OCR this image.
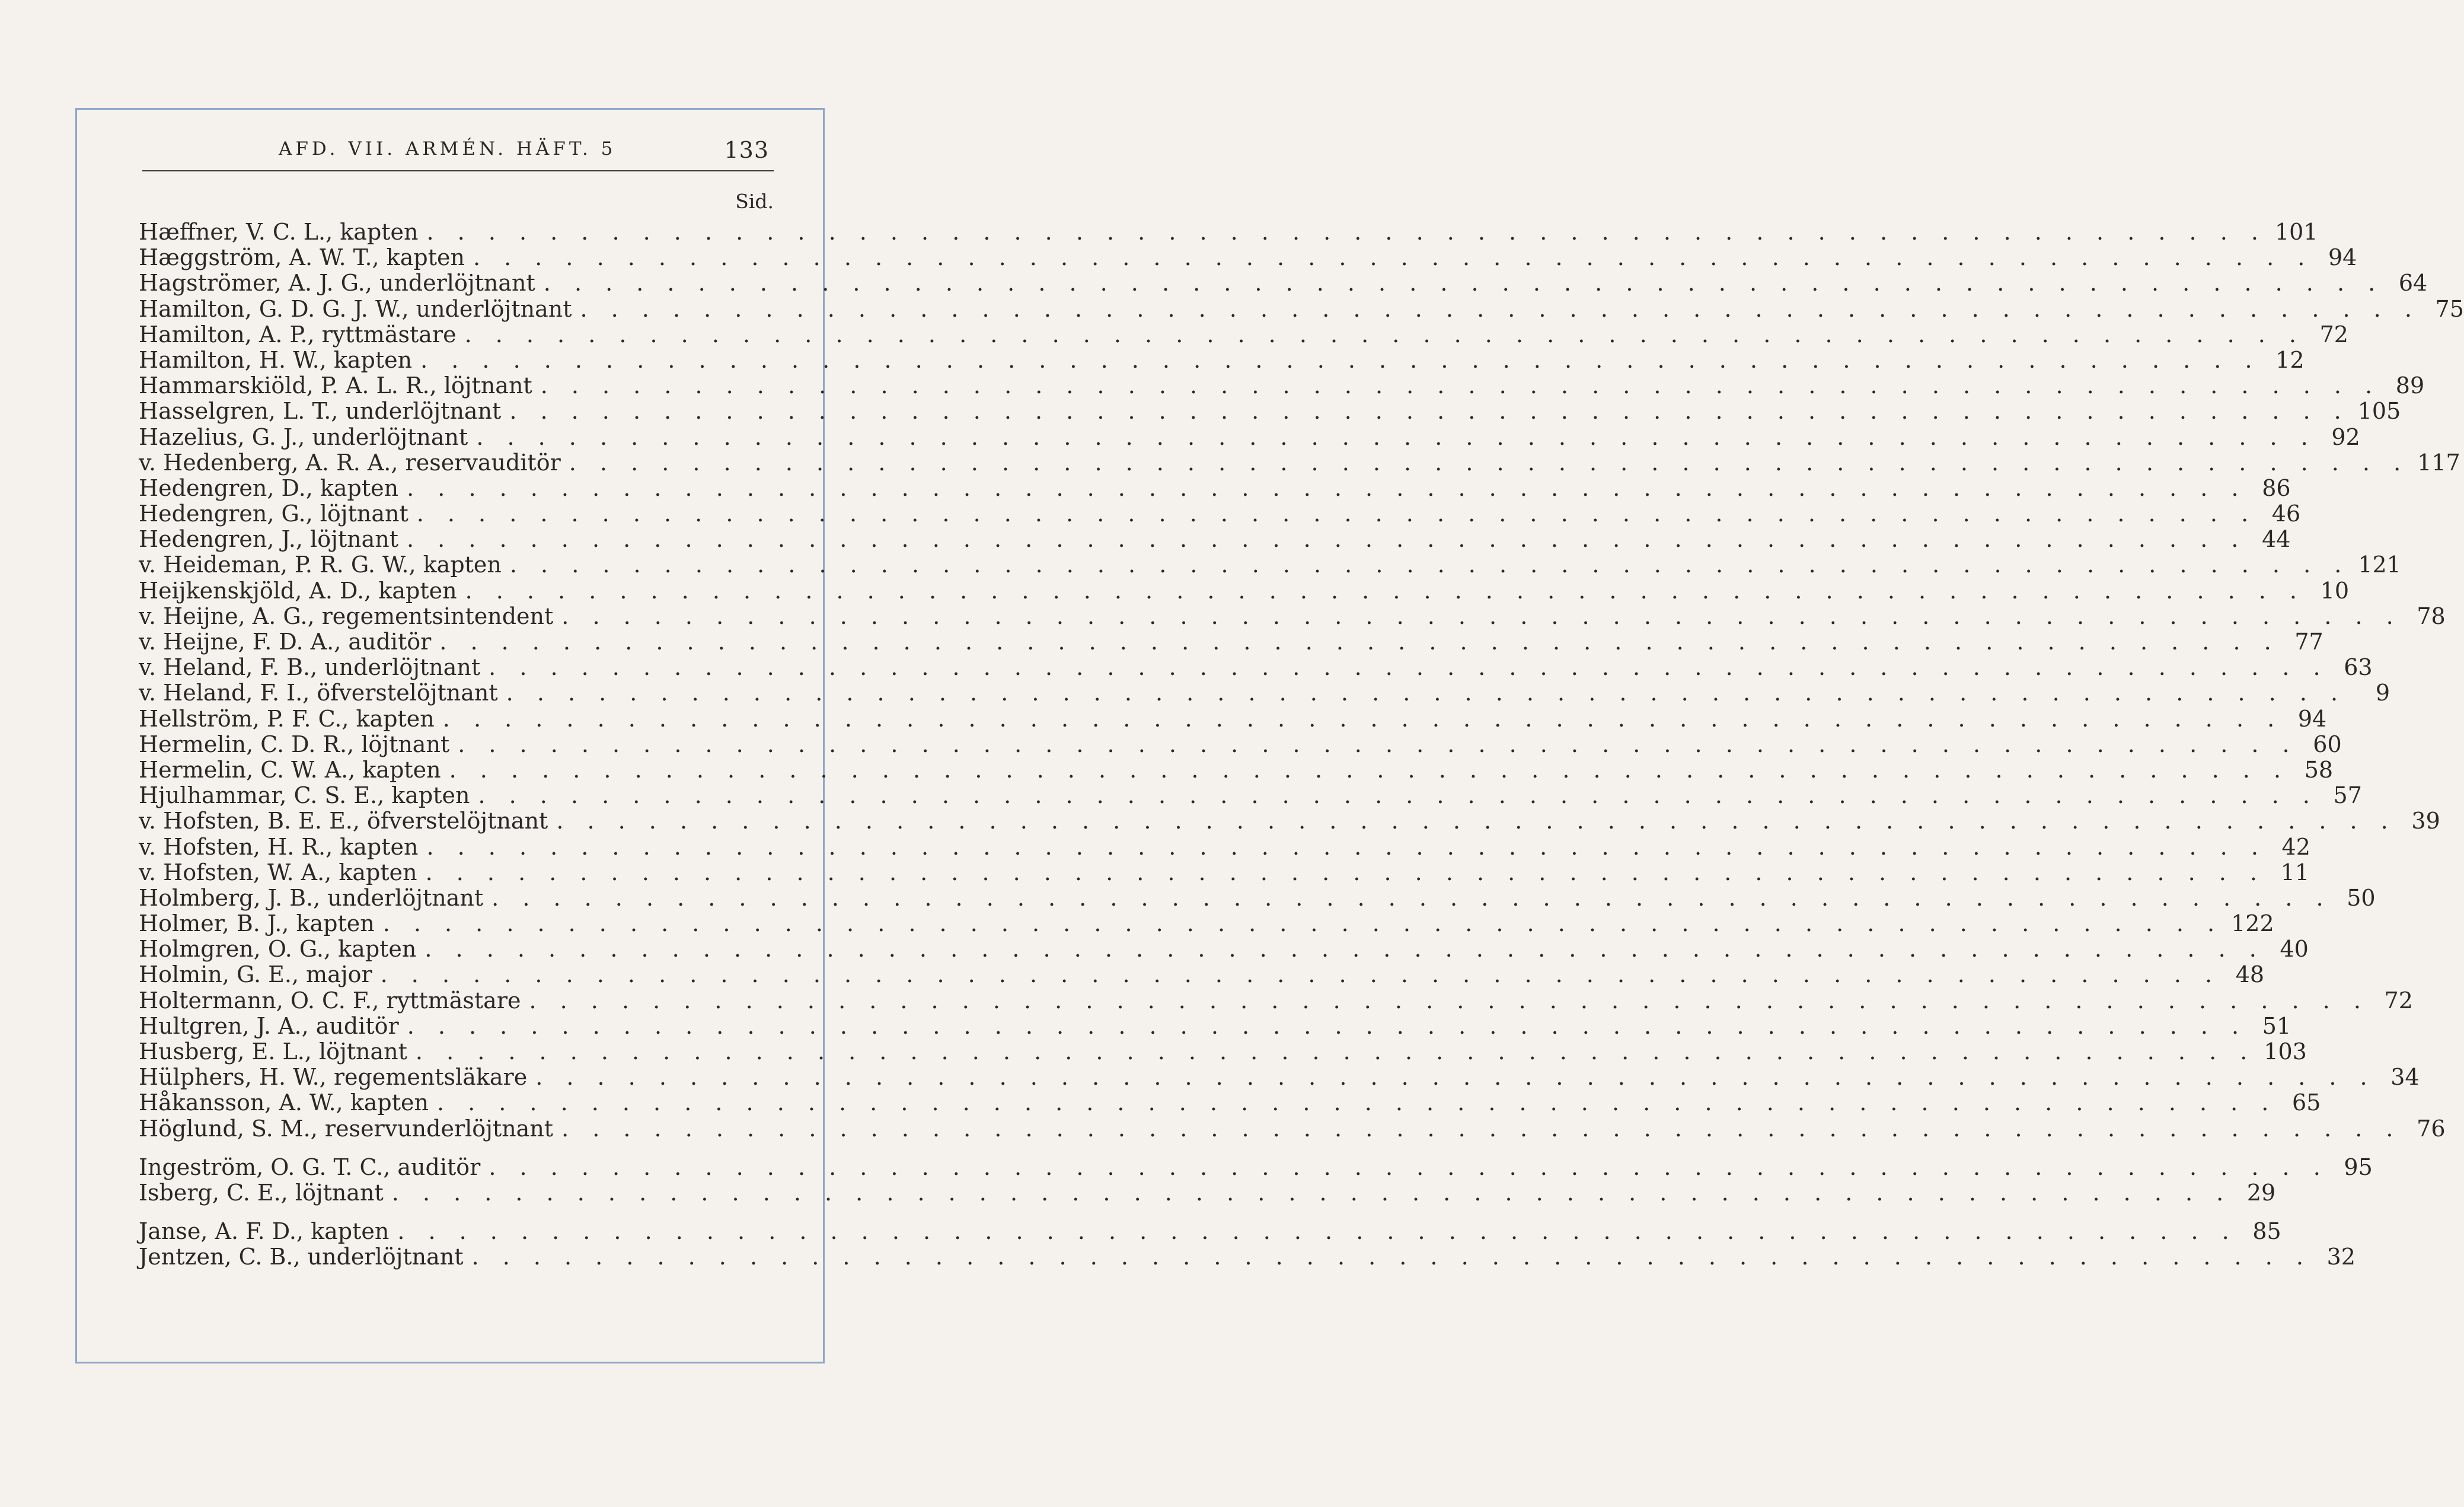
AFD. VII. ARMÉN. HÄFT. 5	133
Sid.
Hæffner, V. C. L., kapten . . . . . . . . . . . . . . . . . . . . . . . . . . . . . . . . . . . . . . . . . . . . . . . . . . . . . . . . . . . . 101
Hæggström, A. W. T., kapten . . . . . . . . . . . . . . . . . . . . . . . . . . . . . . . . . . . . . . . . . . . . . . . . . . . . . . . . . . . . 94
Hagströmer, A. J. G., underlöjtnant . . . . . . . . . . . . . . . . . . . . . . . . . . . . . . . . . . . . . . . . . . . . . . . . . . . . . . . . . . . . 64
Hamilton, G. D. G. J. W., underlöjtnant . . . . . . . . . . . . . . . . . . . . . . . . . . . . . . . . . . . . . . . . . . . . . . . . . . . . . . . . . . . . 75
Hamilton, A. P., ryttmästare . . . . . . . . . . . . . . . . . . . . . . . . . . . . . . . . . . . . . . . . . . . . . . . . . . . . . . . . . . . . 72
Hamilton, H. W., kapten . . . . . . . . . . . . . . . . . . . . . . . . . . . . . . . . . . . . . . . . . . . . . . . . . . . . . . . . . . . . 12
Hammarskiöld, P. A. L. R., löjtnant . . . . . . . . . . . . . . . . . . . . . . . . . . . . . . . . . . . . . . . . . . . . . . . . . . . . . . . . . . . . 89
Hasselgren, L. T., underlöjtnant . . . . . . . . . . . . . . . . . . . . . . . . . . . . . . . . . . . . . . . . . . . . . . . . . . . . . . . . . . . . 105
Hazelius, G. J., underlöjtnant . . . . . . . . . . . . . . . . . . . . . . . . . . . . . . . . . . . . . . . . . . . . . . . . . . . . . . . . . . . . 92
v. Hedenberg, A. R. A., reservauditör . . . . . . . . . . . . . . . . . . . . . . . . . . . . . . . . . . . . . . . . . . . . . . . . . . . . . . . . . . . . 117
Hedengren, D., kapten . . . . . . . . . . . . . . . . . . . . . . . . . . . . . . . . . . . . . . . . . . . . . . . . . . . . . . . . . . . . 86
Hedengren, G., löjtnant . . . . . . . . . . . . . . . . . . . . . . . . . . . . . . . . . . . . . . . . . . . . . . . . . . . . . . . . . . . . 46
Hedengren, J., löjtnant . . . . . . . . . . . . . . . . . . . . . . . . . . . . . . . . . . . . . . . . . . . . . . . . . . . . . . . . . . . . 44
v. Heideman, P. R. G. W., kapten . . . . . . . . . . . . . . . . . . . . . . . . . . . . . . . . . . . . . . . . . . . . . . . . . . . . . . . . . . . . 121
Heijkenskjöld, A. D., kapten . . . . . . . . . . . . . . . . . . . . . . . . . . . . . . . . . . . . . . . . . . . . . . . . . . . . . . . . . . . . 10
v. Heijne, A. G., regementsintendent . . . . . . . . . . . . . . . . . . . . . . . . . . . . . . . . . . . . . . . . . . . . . . . . . . . . . . . . . . . . 78
v. Heijne, F. D. A., auditör . . . . . . . . . . . . . . . . . . . . . . . . . . . . . . . . . . . . . . . . . . . . . . . . . . . . . . . . . . . . 77
v. Heland, F. B., underlöjtnant . . . . . . . . . . . . . . . . . . . . . . . . . . . . . . . . . . . . . . . . . . . . . . . . . . . . . . . . . . . . 63
v. Heland, F. I., öfverstelöjtnant . . . . . . . . . . . . . . . . . . . . . . . . . . . . . . . . . . . . . . . . . . . . . . . . . . . . . . . . . . . .	9
Hellström, P. F. C., kapten . . . . . . . . . . . . . . . . . . . . . . . . . . . . . . . . . . . . . . . . . . . . . . . . . . . . . . . . . . . . 94
Hermelin, C. D. R., löjtnant . . . . . . . . . . . . . . . . . . . . . . . . . . . . . . . . . . . . . . . . . . . . . . . . . . . . . . . . . . . . 60
Hermelin, C. W. A., kapten . . . . . . . . . . . . . . . . . . . . . . . . . . . . . . . . . . . . . . . . . . . . . . . . . . . . . . . . . . . . 58
Hjulhammar, C. S. E., kapten . . . . . . . . . . . . . . . . . . . . . . . . . . . . . . . . . . . . . . . . . . . . . . . . . . . . . . . . . . . . 57
v. Hofsten, B. E. E., öfverstelöjtnant . . . . . . . . . . . . . . . . . . . . . . . . . . . . . . . . . . . . . . . . . . . . . . . . . . . . . . . . . . . . 39
v. Hofsten, H. R., kapten . . . . . . . . . . . . . . . . . . . . . . . . . . . . . . . . . . . . . . . . . . . . . . . . . . . . . . . . . . . . 42
v. Hofsten, W. A., kapten . . . . . . . . . . . . . . . . . . . . . . . . . . . . . . . . . . . . . . . . . . . . . . . . . . . . . . . . . . . . 11
Holmberg, J. B., underlöjtnant . . . . . . . . . . . . . . . . . . . . . . . . . . . . . . . . . . . . . . . . . . . . . . . . . . . . . . . . . . . . 50
Holmer, B. J., kapten . . . . . . . . . . . . . . . . . . . . . . . . . . . . . . . . . . . . . . . . . . . . . . . . . . . . . . . . . . . . 122
Holmgren, O. G., kapten . . . . . . . . . . . . . . . . . . . . . . . . . . . . . . . . . . . . . . . . . . . . . . . . . . . . . . . . . . . . 40
Holmin, G. E., major . . . . . . . . . . . . . . . . . . . . . . . . . . . . . . . . . . . . . . . . . . . . . . . . . . . . . . . . . . . . 48
Holtermann, O. C. F., ryttmästare . . . . . . . . . . . . . . . . . . . . . . . . . . . . . . . . . . . . . . . . . . . . . . . . . . . . . . . . . . . . 72
Hultgren, J. A., auditör . . . . . . . . . . . . . . . . . . . . . . . . . . . . . . . . . . . . . . . . . . . . . . . . . . . . . . . . . . . . 51
Husberg, E. L., löjtnant . . . . . . . . . . . . . . . . . . . . . . . . . . . . . . . . . . . . . . . . . . . . . . . . . . . . . . . . . . . . 103
Hülphers, H. W., regementsläkare . . . . . . . . . . . . . . . . . . . . . . . . . . . . . . . . . . . . . . . . . . . . . . . . . . . . . . . . . . . . 34
Håkansson, A. W., kapten . . . . . . . . . . . . . . . . . . . . . . . . . . . . . . . . . . . . . . . . . . . . . . . . . . . . . . . . . . . . 65
Höglund, S. M., reservunderlöjtnant . . . . . . . . . . . . . . . . . . . . . . . . . . . . . . . . . . . . . . . . . . . . . . . . . . . . . . . . . . . . 76
Ingeström, O. G. T. C., auditör . . . . . . . . . . . . . . . . . . . . . . . . . . . . . . . . . . . . . . . . . . . . . . . . . . . . . . . . . . . . 95
Isberg, C. E., löjtnant . . . . . . . . . . . . . . . . . . . . . . . . . . . . . . . . . . . . . . . . . . . . . . . . . . . . . . . . . . . . 29
Janse, A. F. D., kapten . . . . . . . . . . . . . . . . . . . . . . . . . . . . . . . . . . . . . . . . . . . . . . . . . . . . . . . . . . . . 85
Jentzen, C. B., underlöjtnant . . . . . . . . . . . . . . . . . . . . . . . . . . . . . . . . . . . . . . . . . . . . . . . . . . . . . . . . . . . . 32
